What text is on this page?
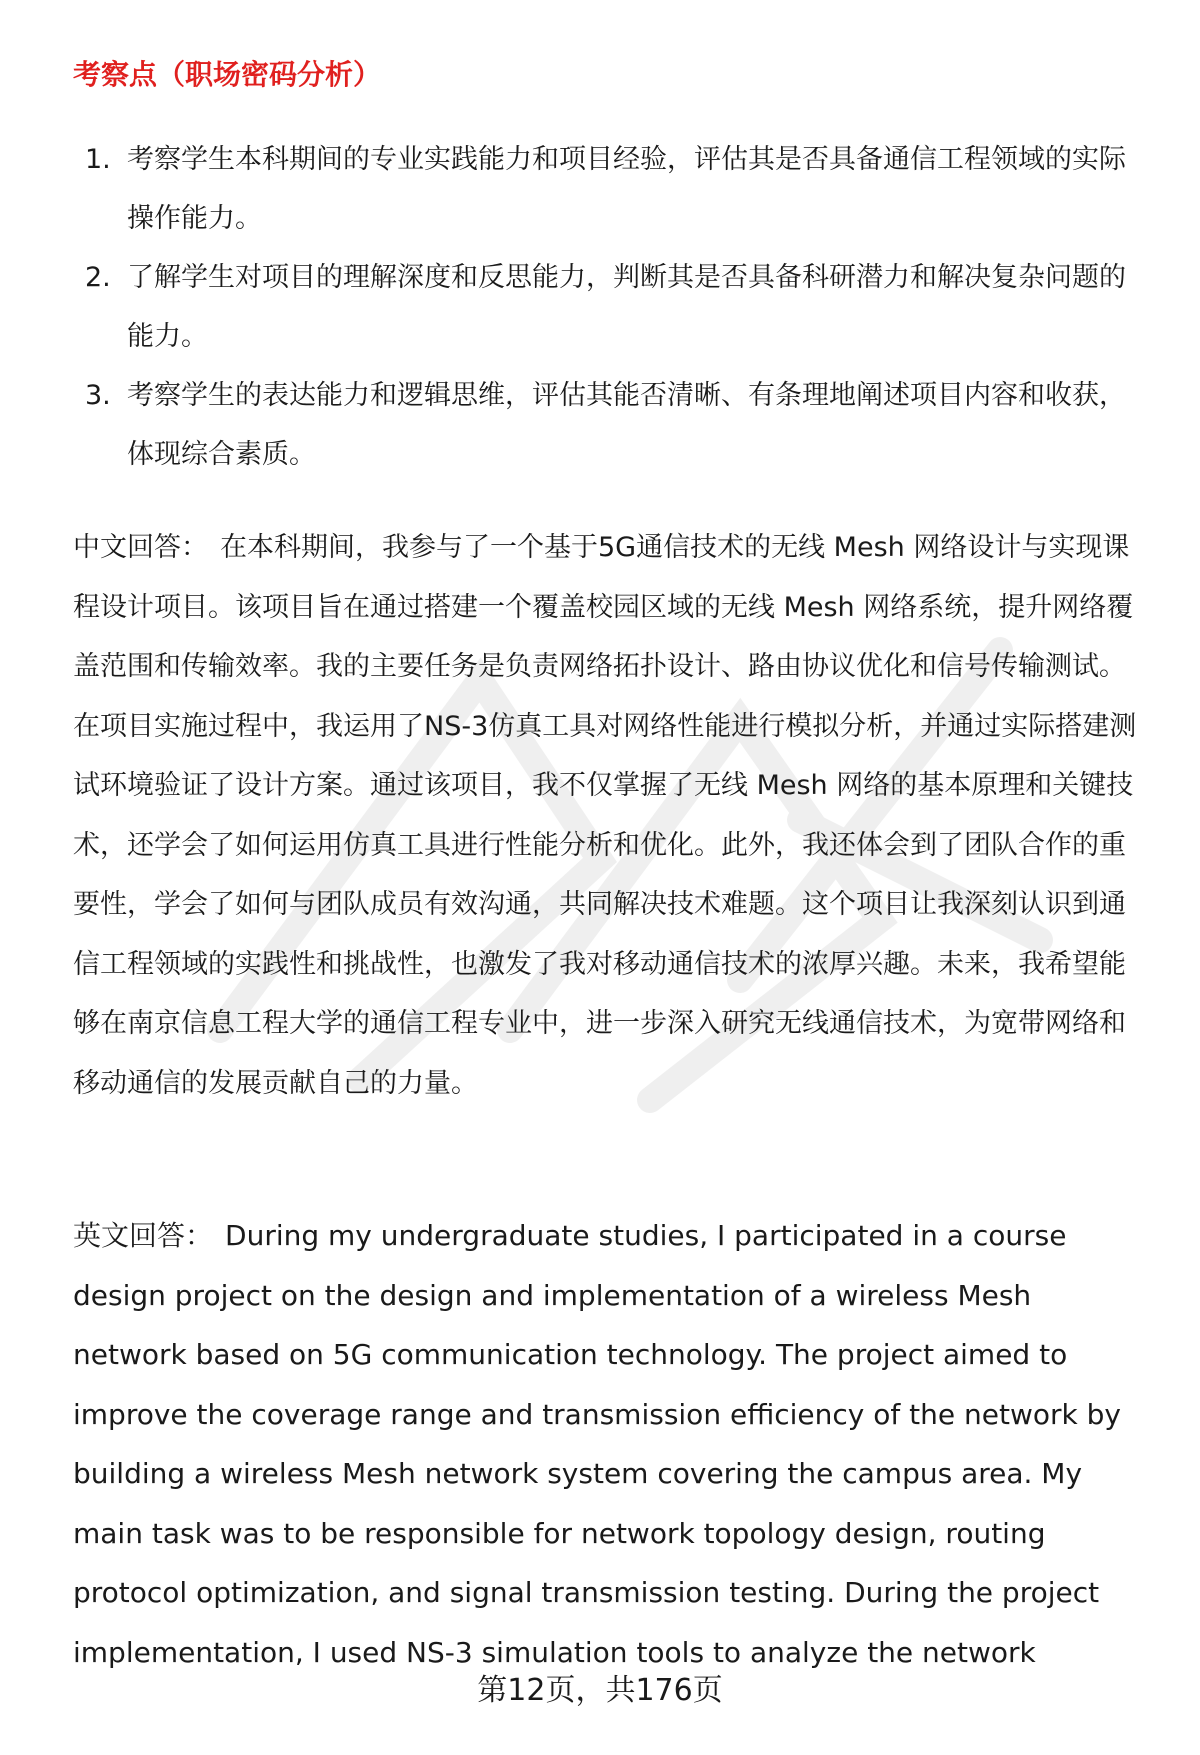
考察点（职场密码分析）
1. 考察学生本科期间的专业实践能力和项目经验，评估其是否具备通信工程领域的实际操作能力。
2. 了解学生对项目的理解深度和反思能力，判断其是否具备科研潜力和解决复杂问题的能力。
3. 考察学生的表达能力和逻辑思维，评估其能否清晰、有条理地阐述项目内容和收获，体现综合素质。

中文回答： 在本科期间，我参与了一个基于5G通信技术的无线 Mesh 网络设计与实现课程设计项目。该项目旨在通过搭建一个覆盖校园区域的无线 Mesh 网络系统，提升网络覆盖范围和传输效率。我的主要任务是负责网络拓扑设计、路由协议优化和信号传输测试。在项目实施过程中，我运用了NS-3仿真工具对网络性能进行模拟分析，并通过实际搭建测试环境验证了设计方案。通过该项目，我不仅掌握了无线 Mesh 网络的基本原理和关键技术，还学会了如何运用仿真工具进行性能分析和优化。此外，我还体会到了团队合作的重要性，学会了如何与团队成员有效沟通，共同解决技术难题。这个项目让我深刻认识到通信工程领域的实践性和挑战性，也激发了我对移动通信技术的浓厚兴趣。未来，我希望能够在南京信息工程大学的通信工程专业中，进一步深入研究无线通信技术，为宽带网络和移动通信的发展贡献自己的力量。

英文回答： During my undergraduate studies, I participated in a course design project on the design and implementation of a wireless Mesh network based on 5G communication technology. The project aimed to improve the coverage range and transmission efficiency of the network by building a wireless Mesh network system covering the campus area. My main task was to be responsible for network topology design, routing protocol optimization, and signal transmission testing. During the project implementation, I used NS-3 simulation tools to analyze the network

第12页，共176页
